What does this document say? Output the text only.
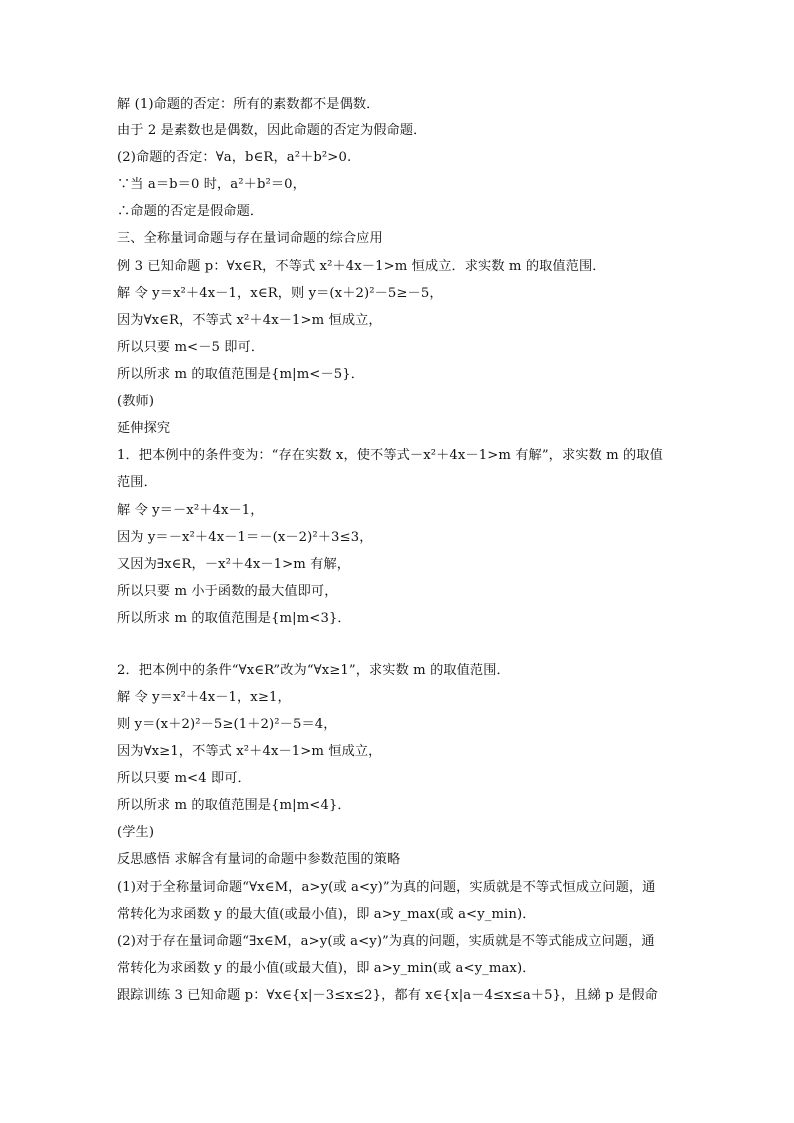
解 (1)命题的否定：所有的素数都不是偶数．
由于 2 是素数也是偶数，因此命题的否定为假命题．
(2)命题的否定：∀a，b∈R，a²＋b²>0.
∵当 a＝b＝0 时，a²＋b²＝0，
∴命题的否定是假命题．
三、全称量词命题与存在量词命题的综合应用
例 3 已知命题 p：∀x∈R，不等式 x²＋4x－1>m 恒成立．求实数 m 的取值范围．
解 令 y＝x²＋4x－1，x∈R，则 y＝(x＋2)²－5≥－5，
因为∀x∈R，不等式 x²＋4x－1>m 恒成立，
所以只要 m<－5 即可．
所以所求 m 的取值范围是{m|m<－5}．
(教师)
延伸探究
1．把本例中的条件变为：“存在实数 x，使不等式－x²＋4x－1>m 有解”，求实数 m 的取值
范围．
解 令 y＝－x²＋4x－1，
因为 y＝－x²＋4x－1＝－(x－2)²＋3≤3，
又因为∃x∈R，－x²＋4x－1>m 有解，
所以只要 m 小于函数的最大值即可，
所以所求 m 的取值范围是{m|m<3}．
2．把本例中的条件“∀x∈R”改为“∀x≥1”，求实数 m 的取值范围．
解 令 y＝x²＋4x－1，x≥1，
则 y＝(x＋2)²－5≥(1＋2)²－5＝4，
因为∀x≥1，不等式 x²＋4x－1>m 恒成立，
所以只要 m<4 即可．
所以所求 m 的取值范围是{m|m<4}．
(学生)
反思感悟 求解含有量词的命题中参数范围的策略
(1)对于全称量词命题“∀x∈M，a>y(或 a<y)”为真的问题，实质就是不等式恒成立问题，通
常转化为求函数 y 的最大值(或最小值)，即 a>y_max(或 a<y_min)．
(2)对于存在量词命题“∃x∈M，a>y(或 a<y)”为真的问题，实质就是不等式能成立问题，通
常转化为求函数 y 的最小值(或最大值)，即 a>y_min(或 a<y_max)．
跟踪训练 3 已知命题 p：∀x∈{x|－3≤x≤2}，都有 x∈{x|a－4≤x≤a＋5}，且綈 p 是假命
